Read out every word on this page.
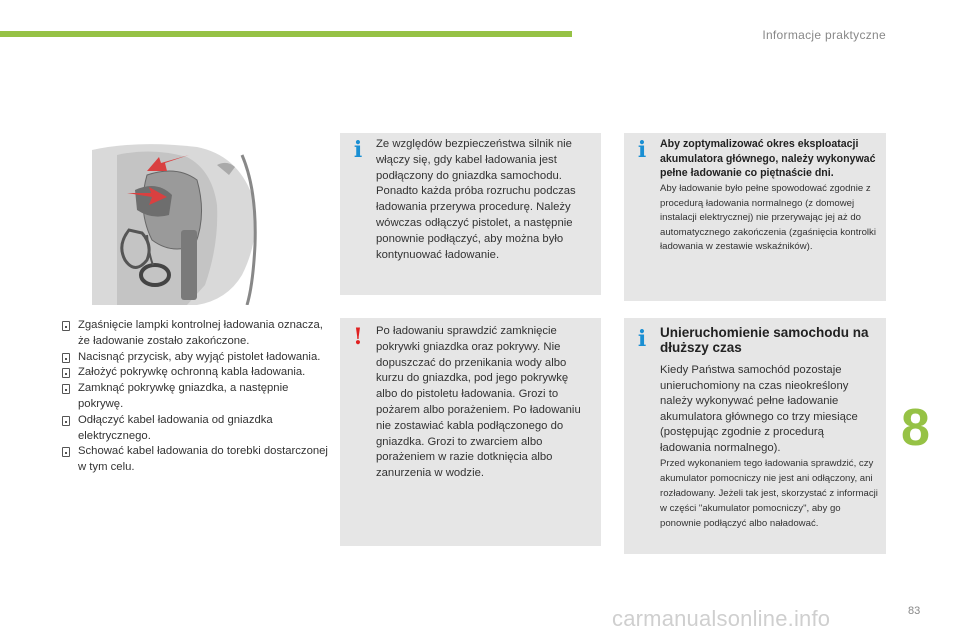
Informacje praktyczne
Zgaśnięcie lampki kontrolnej ładowania oznacza, że ładowanie zostało zakończone.
Nacisnąć przycisk, aby wyjąć pistolet ładowania.
Założyć pokrywkę ochronną kabla ładowania.
Zamknąć pokrywkę gniazdka, a następnie pokrywę.
Odłączyć kabel ładowania od gniazdka elektrycznego.
Schować kabel ładowania do torebki dostarczonej w tym celu.
i	Ze względów bezpieczeństwa silnik nie włączy się, gdy kabel ładowania jest podłączony do gniazdka samochodu. Ponadto każda próba rozruchu podczas ładowania przerywa procedurę. Należy wówczas odłączyć pistolet, a następnie ponownie podłączyć, aby można było kontynuować ładowanie.
! Po ładowaniu sprawdzić zamknięcie pokrywki gniazdka oraz pokrywy. Nie dopuszczać do przenikania wody albo kurzu do gniazdka, pod jego pokrywkę albo do pistoletu ładowania. Grozi to pożarem albo porażeniem. Po ładowaniu nie zostawiać kabla podłączonego do gniazdka. Grozi to zwarciem albo porażeniem w razie dotknięcia albo zanurzenia w wodzie.
i	Aby zoptymalizować okres eksploatacji akumulatora głównego, należy wykonywać pełne ładowanie co piętnaście dni.
Aby ładowanie było pełne spowodować zgodnie z procedurą ładowania normalnego (z domowej instalacji elektrycznej) nie przerywając jej aż do automatycznego zakończenia (zgaśnięcia kontrolki ładowania w zestawie wskaźników).
i Unieruchomienie samochodu na dłuższy czas
Kiedy Państwa samochód pozostaje unieruchomiony na czas nieokreślony należy wykonywać pełne ładowanie akumulatora głównego co trzy miesiące (postępując zgodnie z procedurą ładowania normalnego).
Przed wykonaniem tego ładowania sprawdzić, czy akumulator pomocniczy nie jest ani odłączony, ani rozładowany. Jeżeli tak jest, skorzystać z informacji w części "akumulator pomocniczy", aby go ponownie podłączyć albo naładować.
8
83
carmanualsonline.info
